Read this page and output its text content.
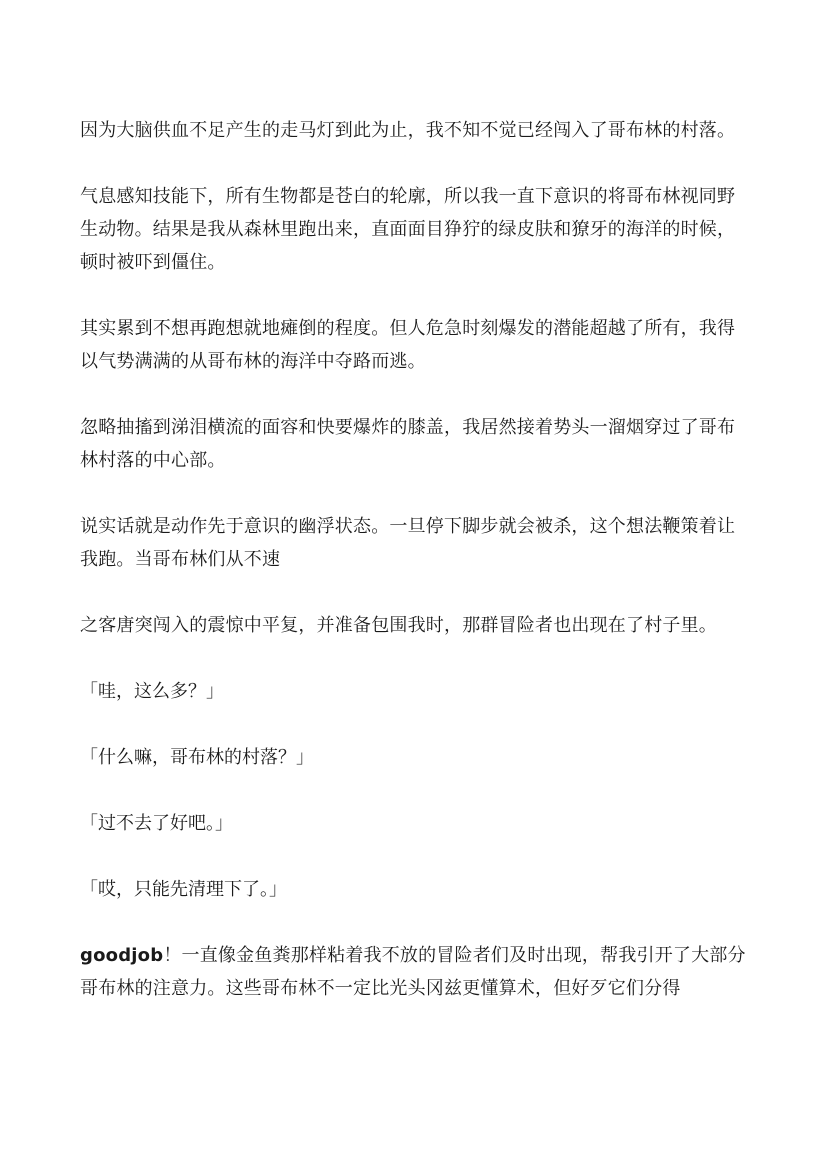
因为大脑供血不足产生的走马灯到此为止，我不知不觉已经闯入了哥布林的村落。

气息感知技能下，所有生物都是苍白的轮廓，所以我一直下意识的将哥布林视同野生动物。结果是我从森林里跑出来，直面面目狰狞的绿皮肤和獠牙的海洋的时候，顿时被吓到僵住。

其实累到不想再跑想就地瘫倒的程度。但人危急时刻爆发的潜能超越了所有，我得以气势满满的从哥布林的海洋中夺路而逃。

忽略抽搐到涕泪横流的面容和快要爆炸的膝盖，我居然接着势头一溜烟穿过了哥布林村落的中心部。

说实话就是动作先于意识的幽浮状态。一旦停下脚步就会被杀，这个想法鞭策着让我跑。当哥布林们从不速

之客唐突闯入的震惊中平复，并准备包围我时，那群冒险者也出现在了村子里。

「哇，这么多？」

「什么嘛，哥布林的村落？」

「过不去了好吧。」

「哎，只能先清理下了。」

goodjob！一直像金鱼粪那样粘着我不放的冒险者们及时出现，帮我引开了大部分哥布林的注意力。这些哥布林不一定比光头冈兹更懂算术，但好歹它们分得
